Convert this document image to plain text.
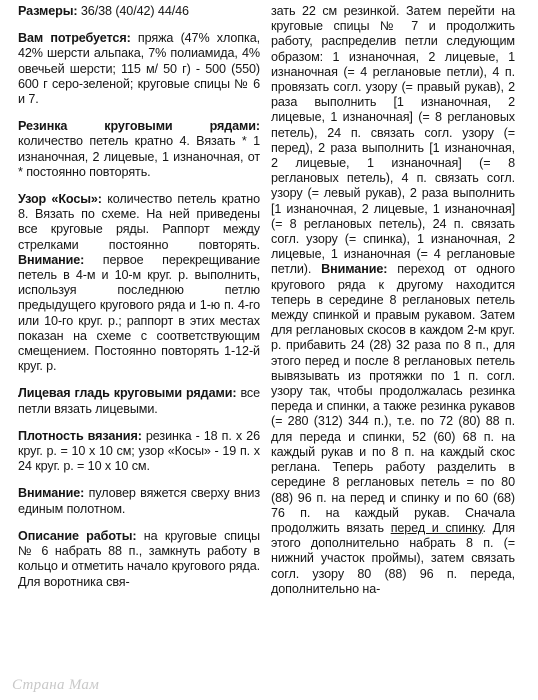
Размеры: 36/38 (40/42) 44/46

Вам потребуется: пряжа (47% хлопка, 42% шерсти альпака, 7% полиамида, 4% овечьей шерсти; 115 м/ 50 г) - 500 (550) 600 г серо-зеленой; круговые спицы № 6 и 7.

Резинка круговыми рядами: количество петель кратно 4. Вязать * 1 изнаночная, 2 лицевые, 1 изнаночная, от * постоянно повторять.

Узор «Косы»: количество петель кратно 8. Вязать по схеме. На ней приведены все круговые ряды. Раппорт между стрелками постоянно повторять. Внимание: первое перекрещивание петель в 4-м и 10-м круг. р. выполнить, используя последнюю петлю предыдущего кругового ряда и 1-ю п. 4-го или 10-го круг. р.; раппорт в этих местах показан на схеме с соответствующим смещением. Постоянно повторять 1-12-й круг. р.

Лицевая гладь круговыми рядами: все петли вязать лицевыми.

Плотность вязания: резинка - 18 п. х 26 круг. р. = 10 х 10 см; узор «Косы» - 19 п. х 24 круг. р. = 10 х 10 см.

Внимание: пуловер вяжется сверху вниз единым полотном.

Описание работы: на круговые спицы № 6 набрать 88 п., замкнуть работу в кольцо и отметить начало кругового ряда. Для воротника свя-

зать 22 см резинкой. Затем перейти на круговые спицы № 7 и продолжить работу, распределив петли следующим образом: 1 изнаночная, 2 лицевые, 1 изнаночная (= 4 реглановые петли), 4 п. провязать согл. узору (= правый рукав), 2 раза выполнить [1 изнаночная, 2 лицевые, 1 изнаночная] (= 8 реглановых петель), 24 п. связать согл. узору (= перед), 2 раза выполнить [1 изнаночная, 2 лицевые, 1 изнаночная] (= 8 реглановых петель), 4 п. связать согл. узору (= левый рукав), 2 раза выполнить [1 изнаночная, 2 лицевые, 1 изнаночная] (= 8 реглановых петель), 24 п. связать согл. узору (= спинка), 1 изнаночная, 2 лицевые, 1 изнаночная (= 4 реглановые петли). Внимание: переход от одного кругового ряда к другому находится теперь в середине 8 реглановых петель между спинкой и правым рукавом. Затем для реглановых скосов в каждом 2-м круг. р. прибавить 24 (28) 32 раза по 8 п., для этого перед и после 8 реглановых петель вывязывать из протяжки по 1 п. согл. узору так, чтобы продолжалась резинка переда и спинки, а также резинка рукавов (= 280 (312) 344 п.), т.е. по 72 (80) 88 п. для переда и спинки, 52 (60) 68 п. на каждый рукав и по 8 п. на каждый скос реглана. Теперь работу разделить в середине 8 реглановых петель = по 80 (88) 96 п. на перед и спинку и по 60 (68) 76 п. на каждый рукав. Сначала продолжить вязать перед и спинку. Для этого дополнительно набрать 8 п. (= нижний участок проймы), затем связать согл. узору 80 (88) 96 п. переда, дополнительно на-

Страна Мам
